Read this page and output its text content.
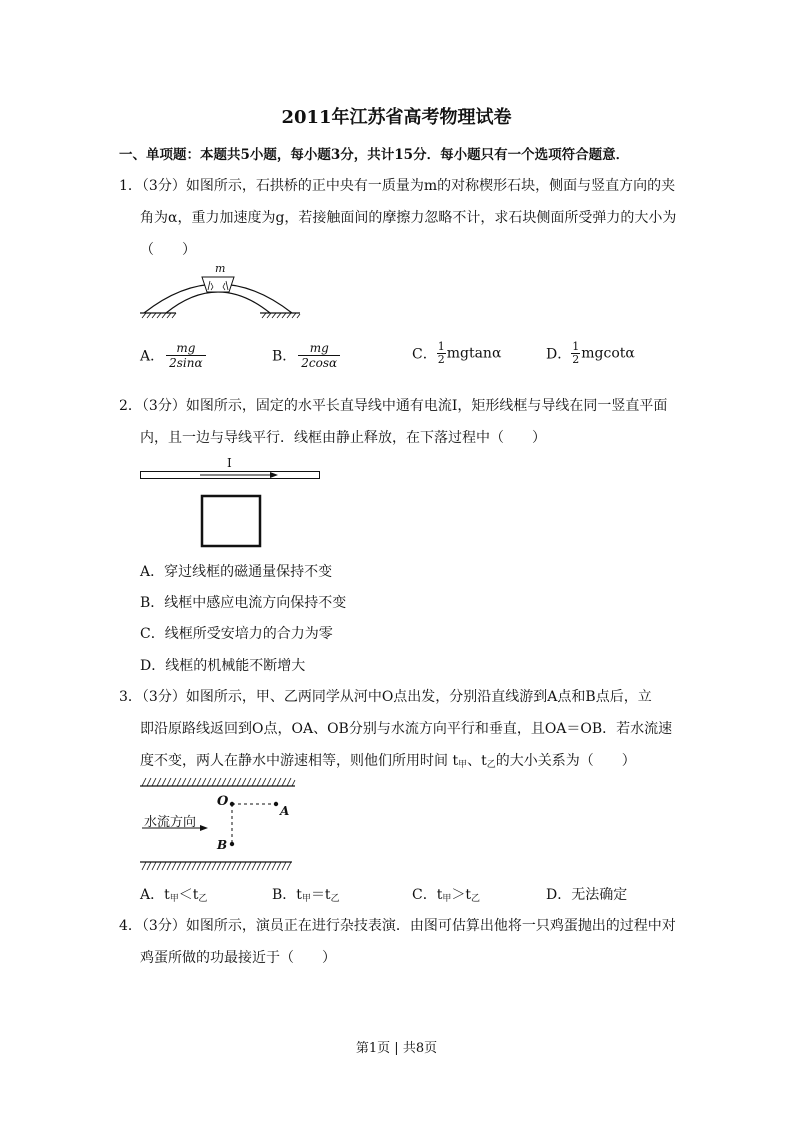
2011年江苏省高考物理试卷
一、单项题：本题共5小题，每小题3分，共计15分．每小题只有一个选项符合题意．
1．（3分）如图所示，石拱桥的正中央有一质量为m的对称楔形石块，侧面与竖直方向的夹
角为α，重力加速度为g，若接触面间的摩擦力忽略不计，求石块侧面所受弹力的大小为
（　　）
m
A． $\frac{mg}{2\sin\alpha}$	B． $\frac{mg}{2\cos\alpha}$	C． $\frac{1}{2}$ mgtanα	D． $\frac{1}{2}$ mgcotα
2．（3分）如图所示，固定的水平长直导线中通有电流I，矩形线框与导线在同一竖直平面
内，且一边与导线平行．线框由静止释放，在下落过程中（　　）
I
A．穿过线框的磁通量保持不变
B．线框中感应电流方向保持不变
C．线框所受安培力的合力为零
D．线框的机械能不断增大
3．（3分）如图所示，甲、乙两同学从河中O点出发，分别沿直线游到A点和B点后，立
即沿原路线返回到O点，OA、OB分别与水流方向平行和垂直，且OA＝OB．若水流速
度不变，两人在静水中游速相等，则他们所用时间 $t_甲$、$t_乙$的大小关系为（　　）
O
A
B
水流方向
A．$t_甲<t_乙$	B．$t_甲=t_乙$	C．$t_甲>t_乙$	D．无法确定
4．（3分）如图所示，演员正在进行杂技表演．由图可估算出他将一只鸡蛋抛出的过程中对
鸡蛋所做的功最接近于（　　）
第1页 | 共8页
